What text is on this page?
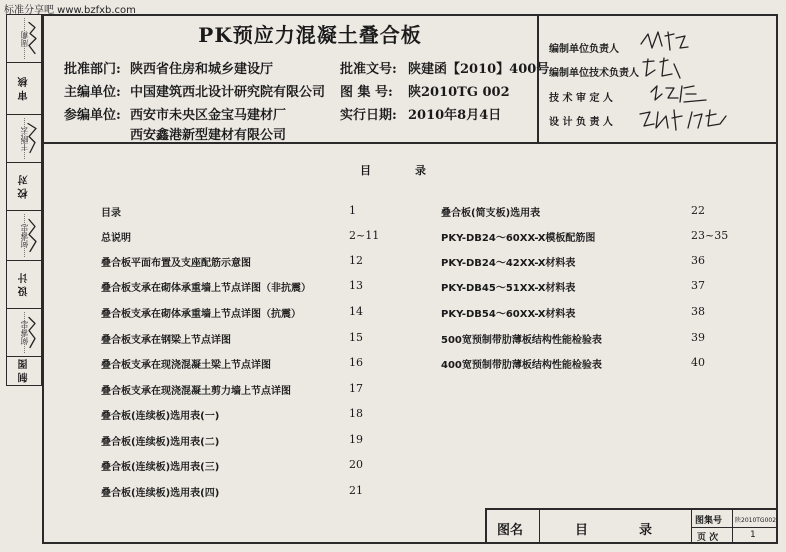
标准分享吧 www.bzfxb.com
周莉
审 核
王晓云
校 对
何睿忠
设 计
何睿忠
制 图
PK预应力混凝土叠合板
批准部门: 陕西省住房和城乡建设厅	批准文号: 陕建函【2010】400号
主编单位: 中国建筑西北设计研究院有限公司 图 集 号: 陕2010TG 002
参编单位: 西安市未央区金宝马建材厂
西安鑫港新型建材有限公司
实行日期: 2010年8月4日
编制单位负责人
编制单位技术负责人
技 术 审 定 人
设 计 负 责 人
目	录
目录	1
总说明	2~11
叠合板平面布置及支座配筋示意图	12
叠合板支承在砌体承重墙上节点详图（非抗震）	13
叠合板支承在砌体承重墙上节点详图（抗震）	14
叠合板支承在钢梁上节点详图	15
叠合板支承在现浇混凝土梁上节点详图	16
叠合板支承在现浇混凝土剪力墙上节点详图	17
叠合板(连续板)选用表(一)	18
叠合板(连续板)选用表(二)	19
叠合板(连续板)选用表(三)	20
叠合板(连续板)选用表(四)	21
叠合板(简支板)选用表	22
PKY-DB24～60XX-X模板配筋图	23~35
PKY-DB24～42XX-X材料表	36
PKY-DB45～51XX-X材料表	37
PKY-DB54～60XX-X材料表	38
500宽预制带肋薄板结构性能检验表	39
400宽预制带肋薄板结构性能检验表	40
图名	目	录
图集号 陕2010TG002
页 次	1
